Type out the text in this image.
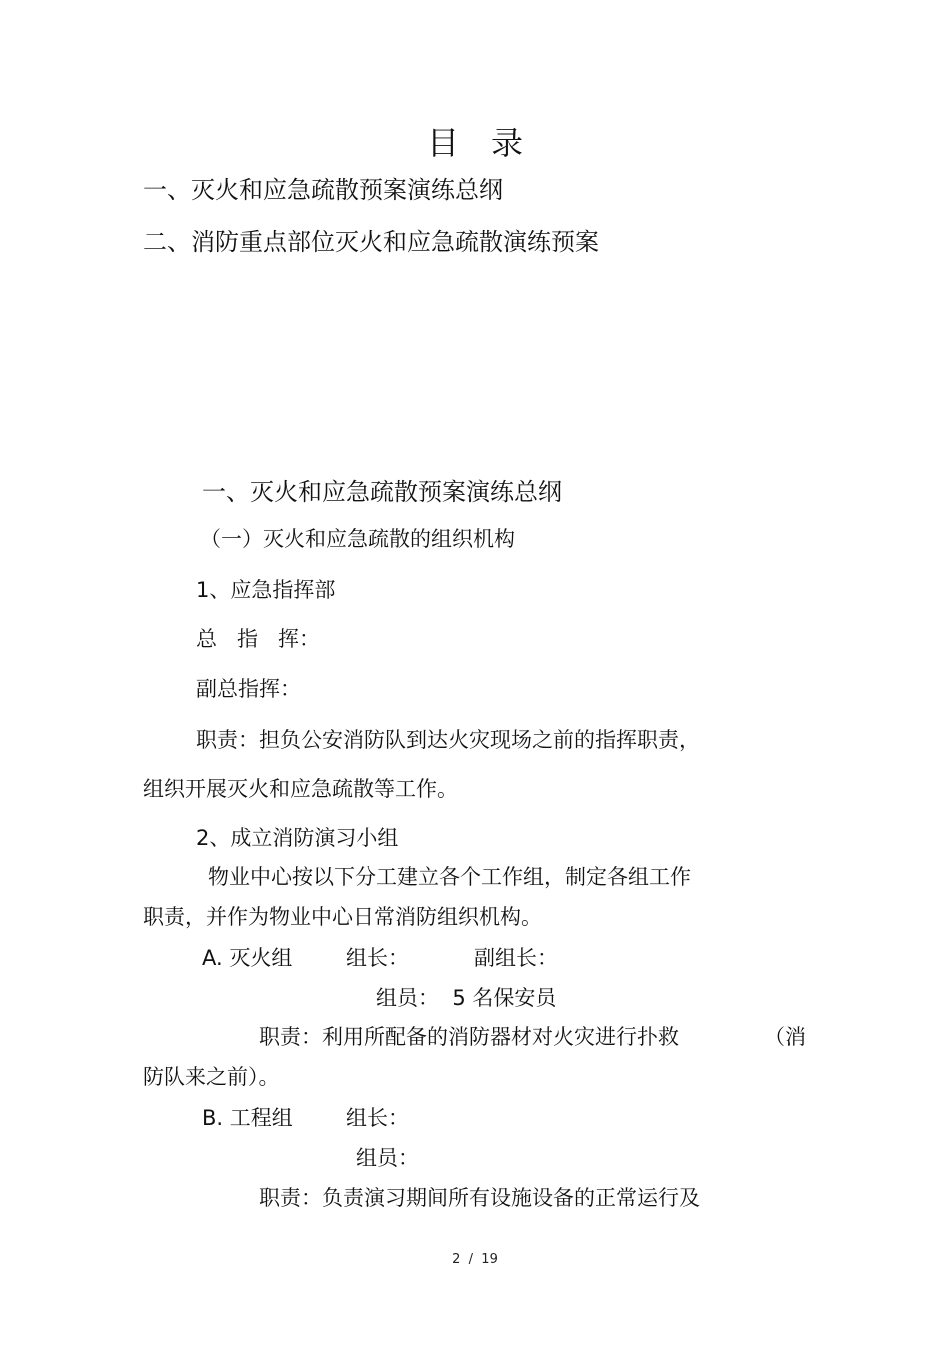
目 录
一、灭火和应急疏散预案演练总纲
二、消防重点部位灭火和应急疏散演练预案
一、灭火和应急疏散预案演练总纲
（一）灭火和应急疏散的组织机构
1、应急指挥部
总   指   挥：
副总指挥：
职责：担负公安消防队到达火灾现场之前的指挥职责，
组织开展灭火和应急疏散等工作。
2、成立消防演习小组
物业中心按以下分工建立各个工作组，制定各组工作
职责，并作为物业中心日常消防组织机构。
A. 灭火组	组长：	副组长：
组员：  5 名保安员
职责：利用所配备的消防器材对火灾进行扑救	（消
防队来之前）。
B. 工程组	组长：
组员：
职责：负责演习期间所有设施设备的正常运行及
2  /  19
